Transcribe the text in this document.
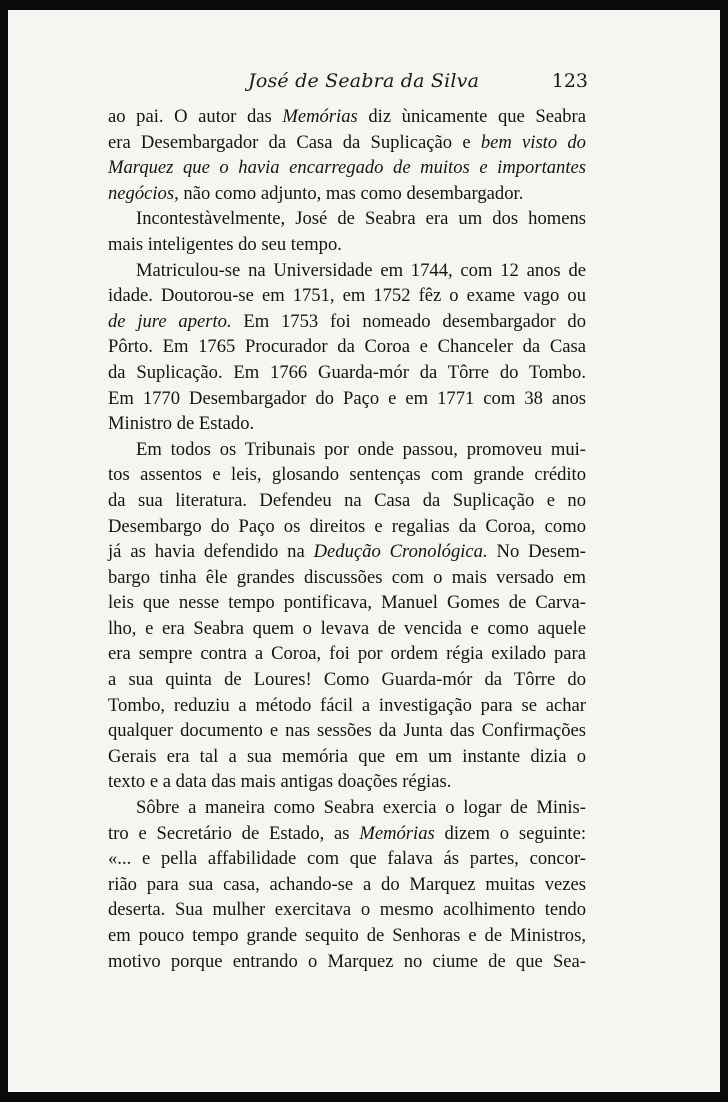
José de Seabra da Silva	123
ao pai. O autor das Memórias diz ùnicamente que Seabra
era Desembargador da Casa da Suplicação e bem visto do
Marquez que o havia encarregado de muitos e importantes
negócios, não como adjunto, mas como desembargador.
Incontestàvelmente, José de Seabra era um dos homens
mais inteligentes do seu tempo.
Matriculou-se na Universidade em 1744, com 12 anos de
idade. Doutorou-se em 1751, em 1752 fêz o exame vago ou
de jure aperto. Em 1753 foi nomeado desembargador do
Pôrto. Em 1765 Procurador da Coroa e Chanceler da Casa
da Suplicação. Em 1766 Guarda-mór da Tôrre do Tombo.
Em 1770 Desembargador do Paço e em 1771 com 38 anos
Ministro de Estado.
Em todos os Tribunais por onde passou, promoveu mui-
tos assentos e leis, glosando sentenças com grande crédito
da sua literatura. Defendeu na Casa da Suplicação e no
Desembargo do Paço os direitos e regalias da Coroa, como
já as havia defendido na Dedução Cronológica. No Desem-
bargo tinha êle grandes discussões com o mais versado em
leis que nesse tempo pontificava, Manuel Gomes de Carva-
lho, e era Seabra quem o levava de vencida e como aquele
era sempre contra a Coroa, foi por ordem régia exilado para
a sua quinta de Loures! Como Guarda-mór da Tôrre do
Tombo, reduziu a método fácil a investigação para se achar
qualquer documento e nas sessões da Junta das Confirmações
Gerais era tal a sua memória que em um instante dizia o
texto e a data das mais antigas doações régias.
Sôbre a maneira como Seabra exercia o logar de Minis-
tro e Secretário de Estado, as Memórias dizem o seguinte:
«... e pella affabilidade com que falava ás partes, concor-
rião para sua casa, achando-se a do Marquez muitas vezes
deserta. Sua mulher exercitava o mesmo acolhimento tendo
em pouco tempo grande sequito de Senhoras e de Ministros,
motivo porque entrando o Marquez no ciume de que Sea-
